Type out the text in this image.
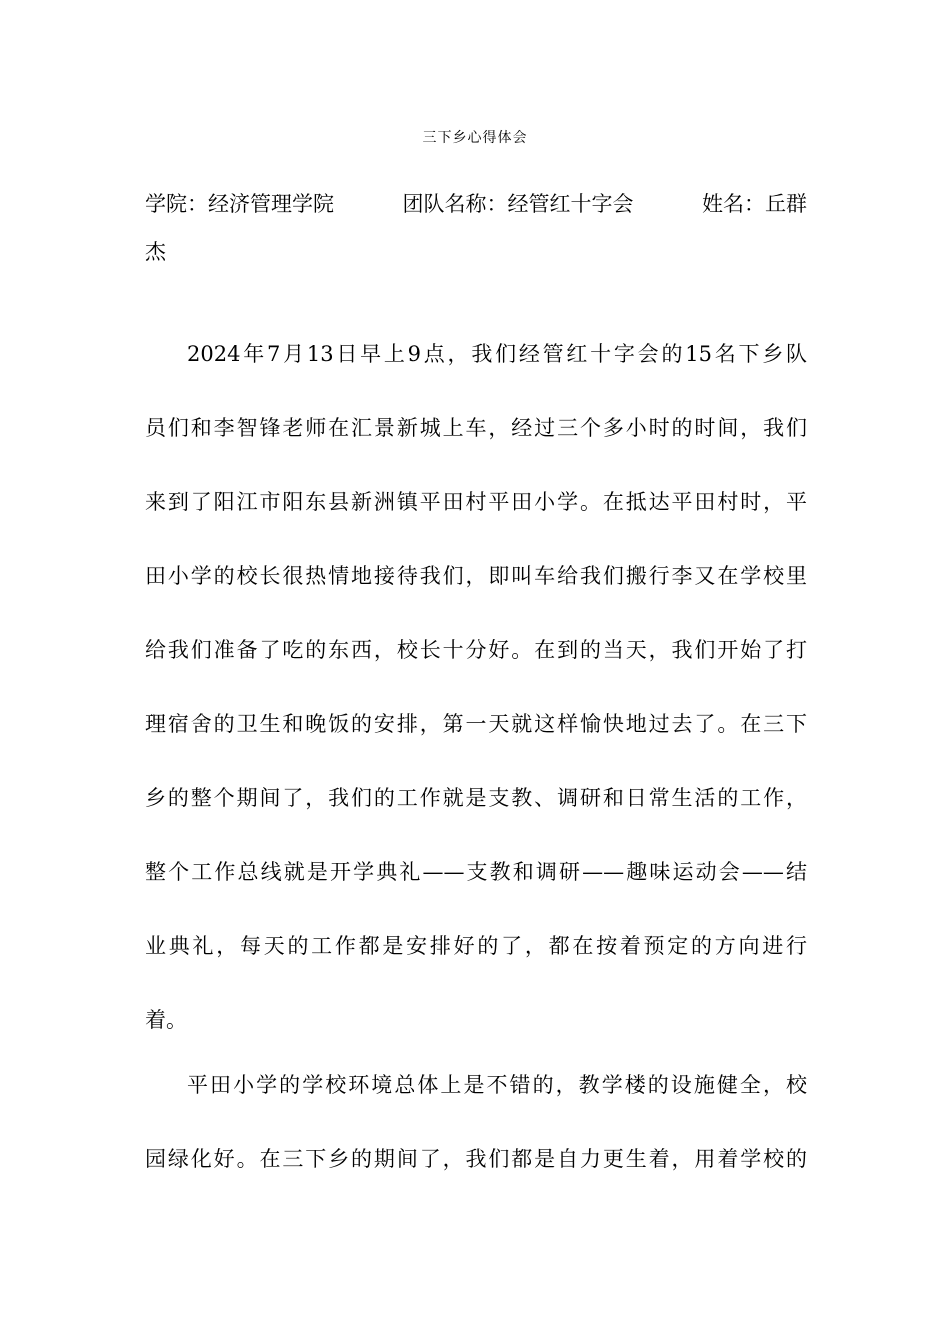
三下乡心得体会
学院：经济管理学院	团队名称：经管红十字会	姓名：丘群
杰
2024年7月13日早上9点，我们经管红十字会的15名下乡队
员们和李智锋老师在汇景新城上车，经过三个多小时的时间，我们
来到了阳江市阳东县新洲镇平田村平田小学。在抵达平田村时，平
田小学的校长很热情地接待我们，即叫车给我们搬行李又在学校里
给我们准备了吃的东西，校长十分好。在到的当天，我们开始了打
理宿舍的卫生和晚饭的安排，第一天就这样愉快地过去了。在三下
乡的整个期间了，我们的工作就是支教、调研和日常生活的工作，
整个工作总线就是开学典礼——支教和调研——趣味运动会——结
业典礼，每天的工作都是安排好的了，都在按着预定的方向进行
着。
平田小学的学校环境总体上是不错的，教学楼的设施健全，校
园绿化好。在三下乡的期间了，我们都是自力更生着，用着学校的
